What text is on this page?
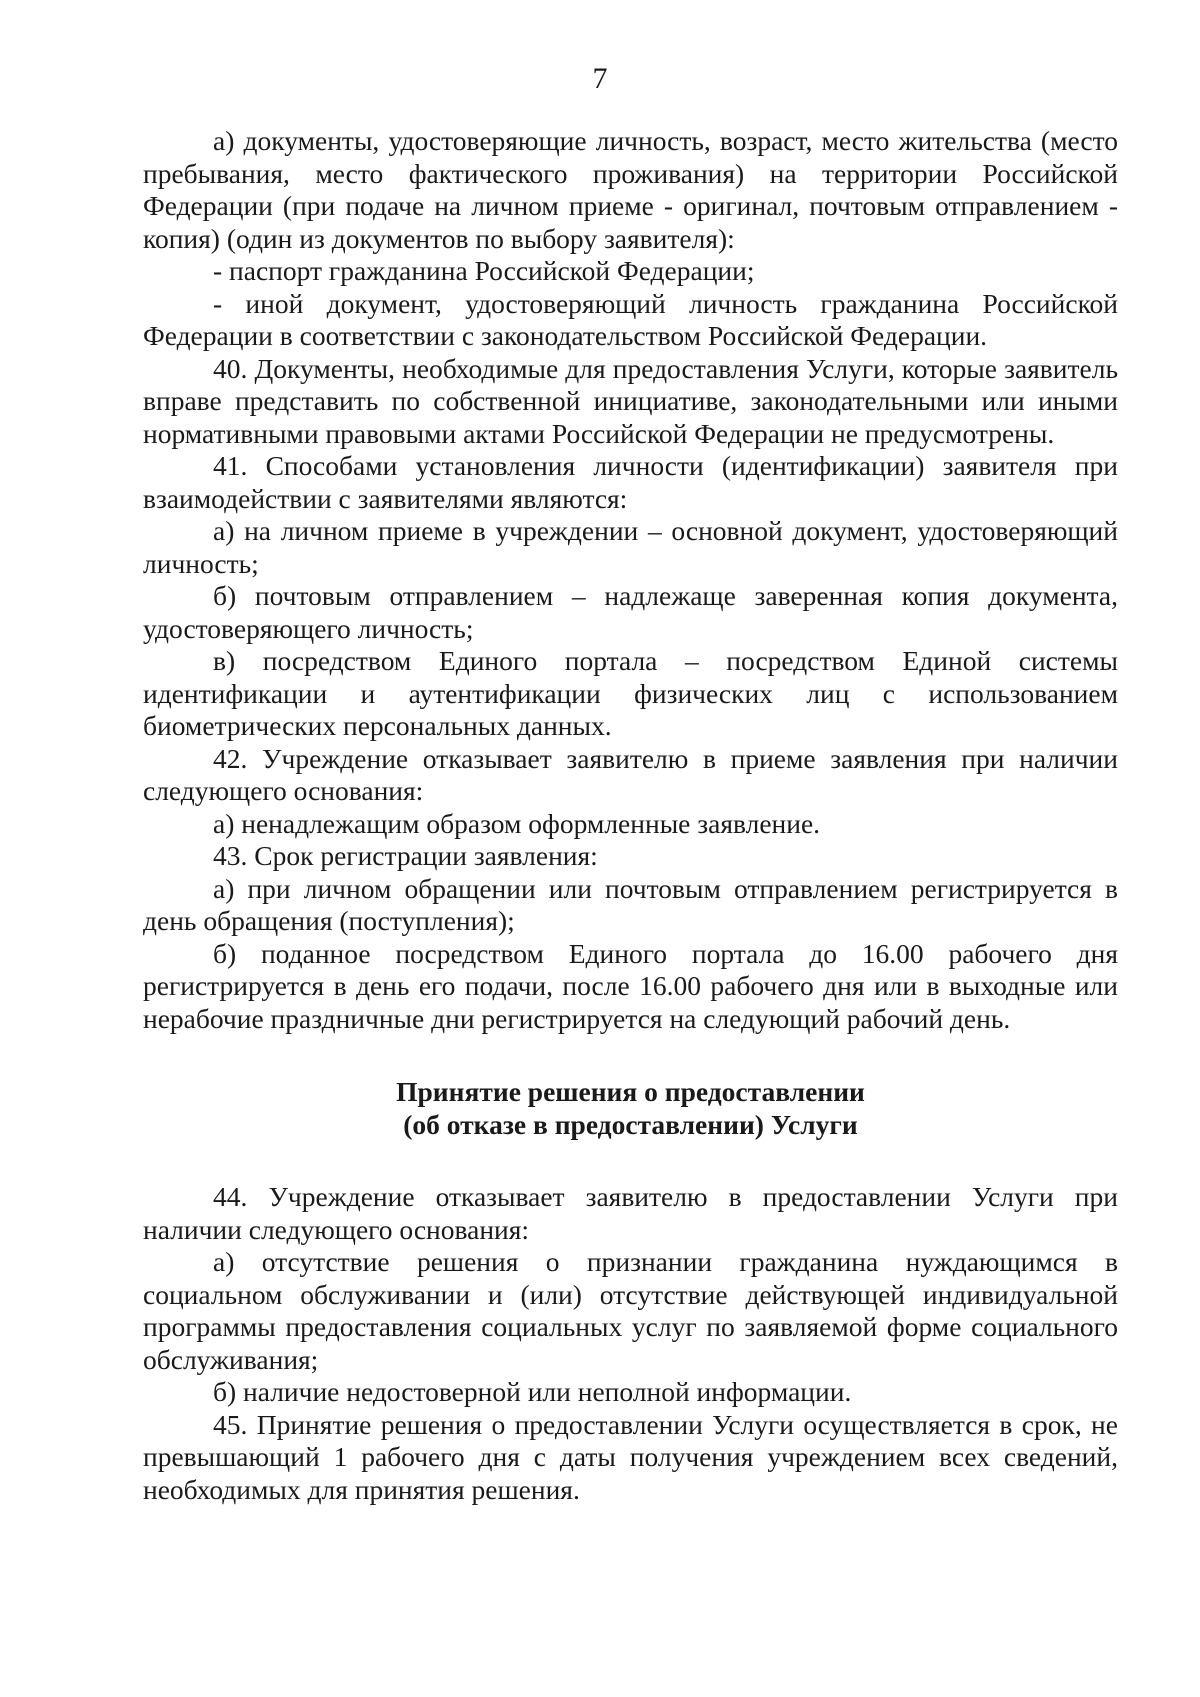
7

а) документы, удостоверяющие личность, возраст, место жительства (место пребывания, место фактического проживания) на территории Российской Федерации (при подаче на личном приеме - оригинал, почтовым отправлением - копия) (один из документов по выбору заявителя):

- паспорт гражданина Российской Федерации;

- иной документ, удостоверяющий личность гражданина Российской Федерации в соответствии с законодательством Российской Федерации.

40. Документы, необходимые для предоставления Услуги, которые заявитель вправе представить по собственной инициативе, законодательными или иными нормативными правовыми актами Российской Федерации не предусмотрены.

41. Способами установления личности (идентификации) заявителя при взаимодействии с заявителями являются:

а) на личном приеме в учреждении – основной документ, удостоверяющий личность;

б) почтовым отправлением – надлежаще заверенная копия документа, удостоверяющего личность;

в) посредством Единого портала – посредством Единой системы идентификации и аутентификации физических лиц с использованием биометрических персональных данных.

42. Учреждение отказывает заявителю в приеме заявления при наличии следующего основания:

а) ненадлежащим образом оформленные заявление.

43. Срок регистрации заявления:

а) при личном обращении или почтовым отправлением регистрируется в день обращения (поступления);

б) поданное посредством Единого портала до 16.00 рабочего дня регистрируется в день его подачи, после 16.00 рабочего дня или в выходные или нерабочие праздничные дни регистрируется на следующий рабочий день.

Принятие решения о предоставлении
(об отказе в предоставлении) Услуги

44. Учреждение отказывает заявителю в предоставлении Услуги при наличии следующего основания:

а) отсутствие решения о признании гражданина нуждающимся в социальном обслуживании и (или) отсутствие действующей индивидуальной программы предоставления социальных услуг по заявляемой форме социального обслуживания;

б) наличие недостоверной или неполной информации.

45. Принятие решения о предоставлении Услуги осуществляется в срок, не превышающий 1 рабочего дня с даты получения учреждением всех сведений, необходимых для принятия решения.
